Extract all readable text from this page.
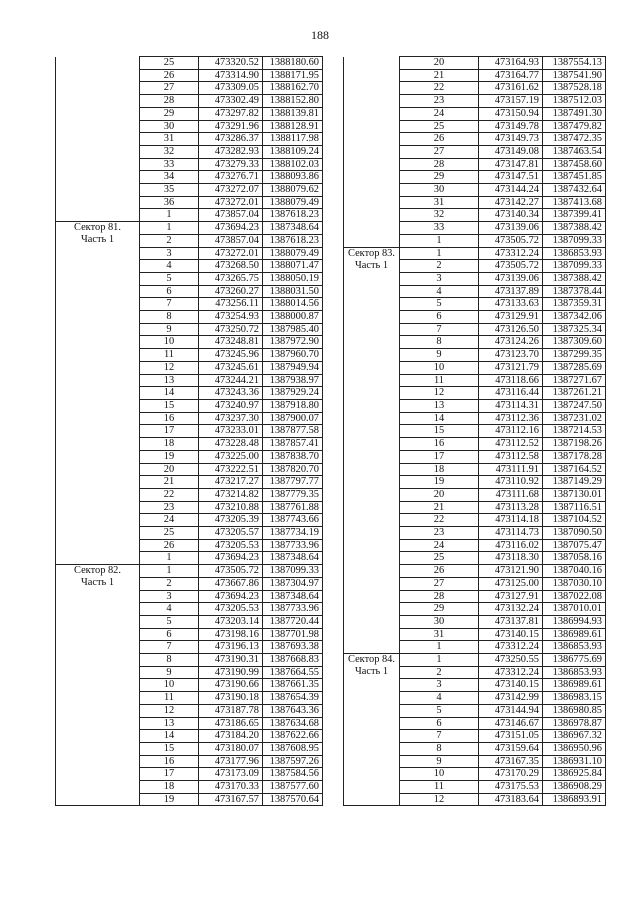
188
	25	473320.52	1388180.60
	26	473314.90	1388171.95
	27	473309.05	1388162.70
	28	473302.49	1388152.80
	29	473297.82	1388139.81
	30	473291.96	1388128.91
	31	473286.37	1388117.98
	32	473282.93	1388109.24
	33	473279.33	1388102.03
	34	473276.71	1388093.86
	35	473272.07	1388079.62
	36	473272.01	1388079.49
	1	473857.04	1387618.23
Сектор 81.	1	473694.23	1387348.64
Часть 1	2	473857.04	1387618.23
	3	473272.01	1388079.49
	4	473268.50	1388071.47
	5	473265.75	1388050.19
	6	473260.27	1388031.50
	7	473256.11	1388014.56
	8	473254.93	1388000.87
	9	473250.72	1387985.40
	10	473248.81	1387972.90
	11	473245.96	1387960.70
	12	473245.61	1387949.94
	13	473244.21	1387938.97
	14	473243.36	1387929.24
	15	473240.97	1387918.80
	16	473237.30	1387900.07
	17	473233.01	1387877.58
	18	473228.48	1387857.41
	19	473225.00	1387838.70
	20	473222.51	1387820.70
	21	473217.27	1387797.77
	22	473214.82	1387779.35
	23	473210.88	1387761.88
	24	473205.39	1387743.66
	25	473205.57	1387734.19
	26	473205.53	1387733.96
	1	473694.23	1387348.64
Сектор 82.	1	473505.72	1387099.33
Часть 1	2	473667.86	1387304.97
	3	473694.23	1387348.64
	4	473205.53	1387733.96
	5	473203.14	1387720.44
	6	473198.16	1387701.98
	7	473196.13	1387693.38
	8	473190.31	1387668.83
	9	473190.99	1387664.55
	10	473190.66	1387661.35
	11	473190.18	1387654.39
	12	473187.78	1387643.36
	13	473186.65	1387634.68
	14	473184.20	1387622.66
	15	473180.07	1387608.95
	16	473177.96	1387597.26
	17	473173.09	1387584.56
	18	473170.33	1387577.60
	19	473167.57	1387570.64
	20	473164.93	1387554.13
	21	473164.77	1387541.90
	22	473161.62	1387528.18
	23	473157.19	1387512.03
	24	473150.94	1387491.30
	25	473149.78	1387479.82
	26	473149.73	1387472.35
	27	473149.08	1387463.54
	28	473147.81	1387458.60
	29	473147.51	1387451.85
	30	473144.24	1387432.64
	31	473142.27	1387413.68
	32	473140.34	1387399.41
	33	473139.06	1387388.42
	1	473505.72	1387099.33
Сектор 83.	1	473312.24	1386853.93
Часть 1	2	473505.72	1387099.33
	3	473139.06	1387388.42
	4	473137.89	1387378.44
	5	473133.63	1387359.31
	6	473129.91	1387342.06
	7	473126.50	1387325.34
	8	473124.26	1387309.60
	9	473123.70	1387299.35
	10	473121.79	1387285.69
	11	473118.66	1387271.67
	12	473116.44	1387261.21
	13	473114.31	1387247.50
	14	473112.36	1387231.02
	15	473112.16	1387214.53
	16	473112.52	1387198.26
	17	473112.58	1387178.28
	18	473111.91	1387164.52
	19	473110.92	1387149.29
	20	473111.68	1387130.01
	21	473113.28	1387116.51
	22	473114.18	1387104.52
	23	473114.73	1387090.50
	24	473116.02	1387075.47
	25	473118.30	1387058.16
	26	473121.90	1387040.16
	27	473125.00	1387030.10
	28	473127.91	1387022.08
	29	473132.24	1387010.01
	30	473137.81	1386994.93
	31	473140.15	1386989.61
	1	473312.24	1386853.93
Сектор 84.	1	473250.55	1386775.69
Часть 1	2	473312.24	1386853.93
	3	473140.15	1386989.61
	4	473142.99	1386983.15
	5	473144.94	1386980.85
	6	473146.67	1386978.87
	7	473151.05	1386967.32
	8	473159.64	1386950.96
	9	473167.35	1386931.10
	10	473170.29	1386925.84
	11	473175.53	1386908.29
	12	473183.64	1386893.91
